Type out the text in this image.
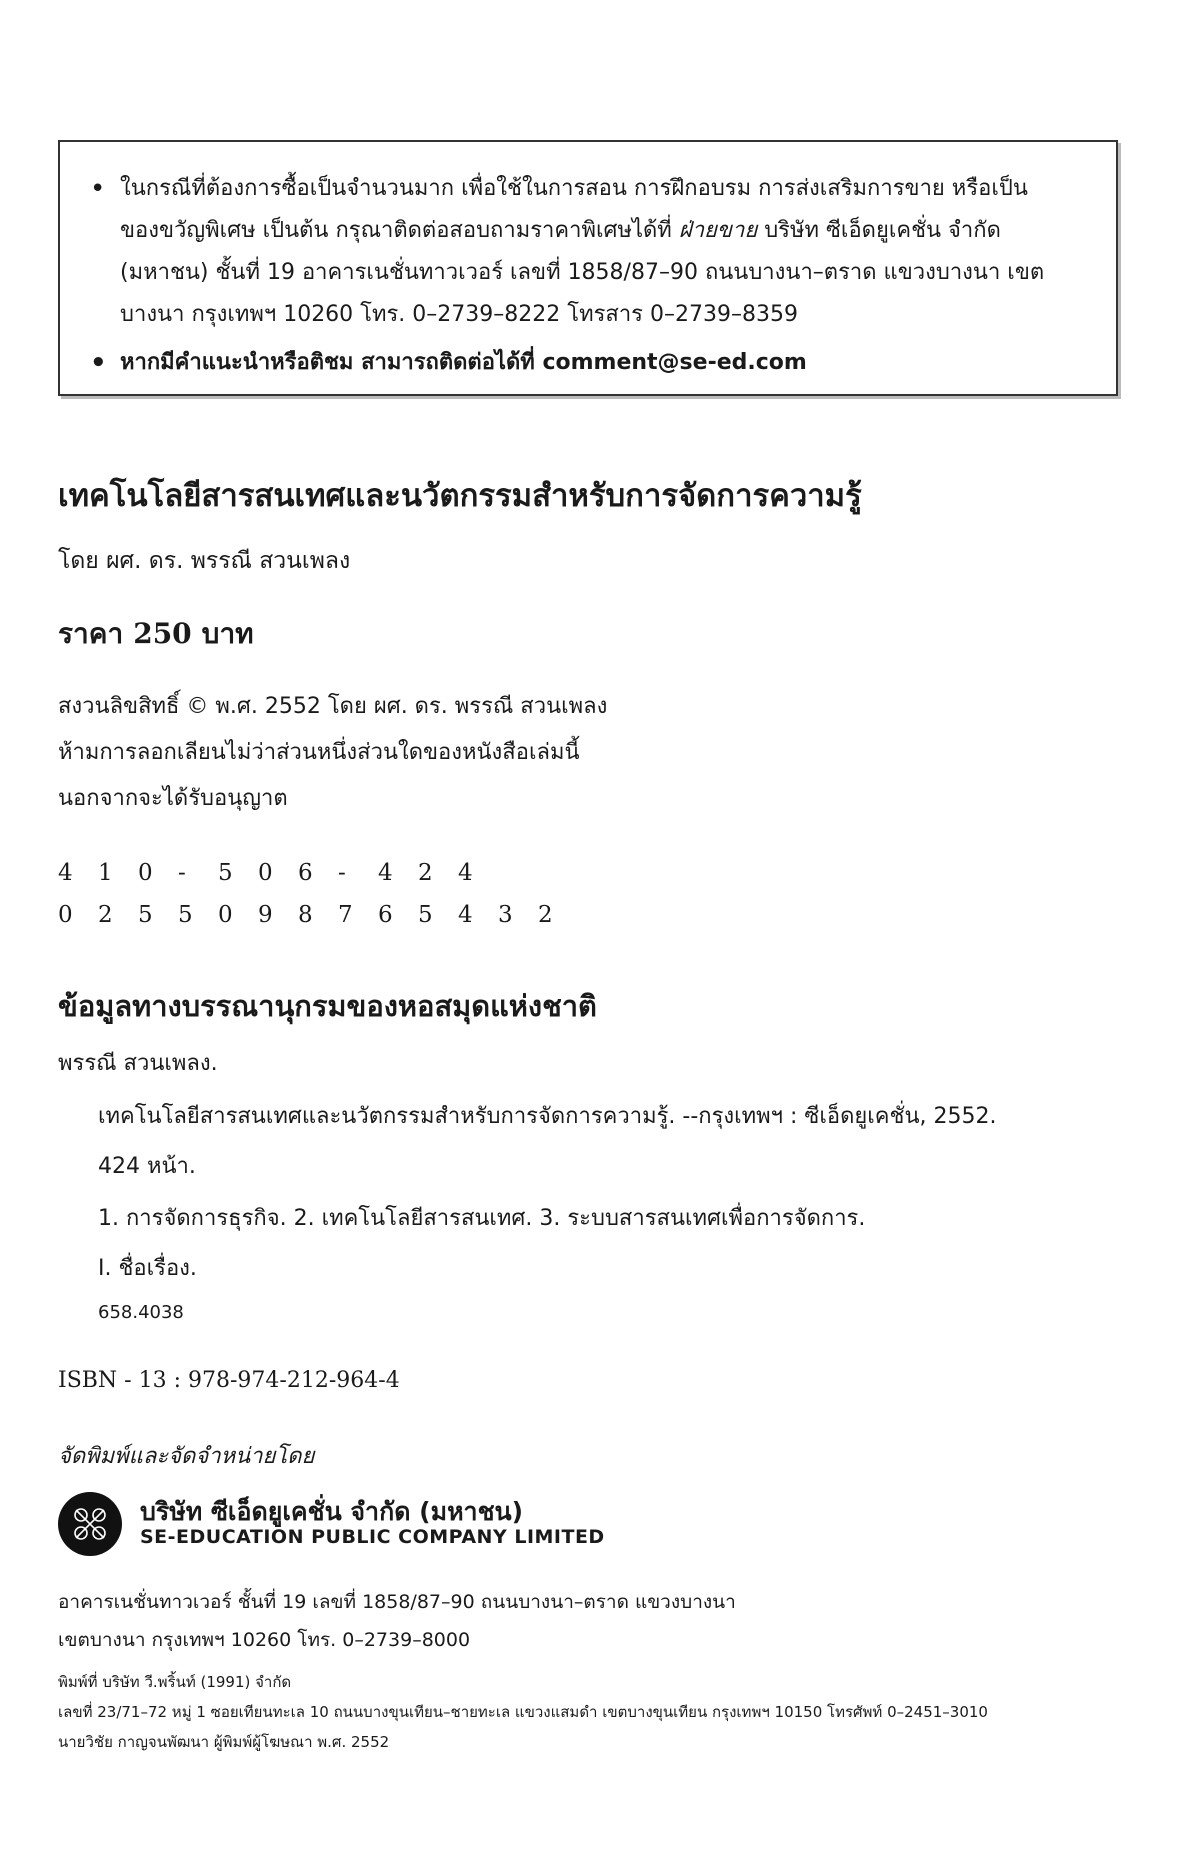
• ในกรณีที่ต้องการซื้อเป็นจำนวนมาก เพื่อใช้ในการสอน การฝึกอบรม การส่งเสริมการขาย หรือเป็น
ของขวัญพิเศษ เป็นต้น กรุณาติดต่อสอบถามราคาพิเศษได้ที่ ฝ่ายขาย บริษัท ซีเอ็ดยูเคชั่น จำกัด
(มหาชน) ชั้นที่ 19 อาคารเนชั่นทาวเวอร์ เลขที่ 1858/87–90 ถนนบางนา–ตราด แขวงบางนา เขต
บางนา กรุงเทพฯ 10260 โทร. 0–2739–8222 โทรสาร 0–2739–8359
• หากมีคำแนะนำหรือติชม สามารถติดต่อได้ที่ comment@se-ed.com
เทคโนโลยีสารสนเทศและนวัตกรรมสำหรับการจัดการความรู้
โดย ผศ. ดร. พรรณี สวนเพลง
ราคา 250 บาท
สงวนลิขสิทธิ์ © พ.ศ. 2552 โดย ผศ. ดร. พรรณี สวนเพลง
ห้ามการลอกเลียนไม่ว่าส่วนหนึ่งส่วนใดของหนังสือเล่มนี้
นอกจากจะได้รับอนุญาต
4 1 0 - 5 0 6 - 4 2 4
0 2 5 5 0 9 8 7 6 5 4 3 2
ข้อมูลทางบรรณานุกรมของหอสมุดแห่งชาติ
พรรณี สวนเพลง.
เทคโนโลยีสารสนเทศและนวัตกรรมสำหรับการจัดการความรู้. --กรุงเทพฯ : ซีเอ็ดยูเคชั่น, 2552.
424 หน้า.
1. การจัดการธุรกิจ. 2. เทคโนโลยีสารสนเทศ. 3. ระบบสารสนเทศเพื่อการจัดการ.
I. ชื่อเรื่อง.
658.4038
ISBN - 13 : 978-974-212-964-4
จัดพิมพ์และจัดจำหน่ายโดย
บริษัท ซีเอ็ดยูเคชั่น จำกัด (มหาชน)
SE-EDUCATION PUBLIC COMPANY LIMITED
อาคารเนชั่นทาวเวอร์ ชั้นที่ 19 เลขที่ 1858/87–90 ถนนบางนา–ตราด แขวงบางนา
เขตบางนา กรุงเทพฯ 10260 โทร. 0–2739–8000
พิมพ์ที่ บริษัท วี.พริ้นท์ (1991) จำกัด
เลขที่ 23/71–72 หมู่ 1 ซอยเทียนทะเล 10 ถนนบางขุนเทียน–ชายทะเล แขวงแสมดำ เขตบางขุนเทียน กรุงเทพฯ 10150 โทรศัพท์ 0–2451–3010
นายวิชัย กาญจนพัฒนา ผู้พิมพ์ผู้โฆษณา พ.ศ. 2552
